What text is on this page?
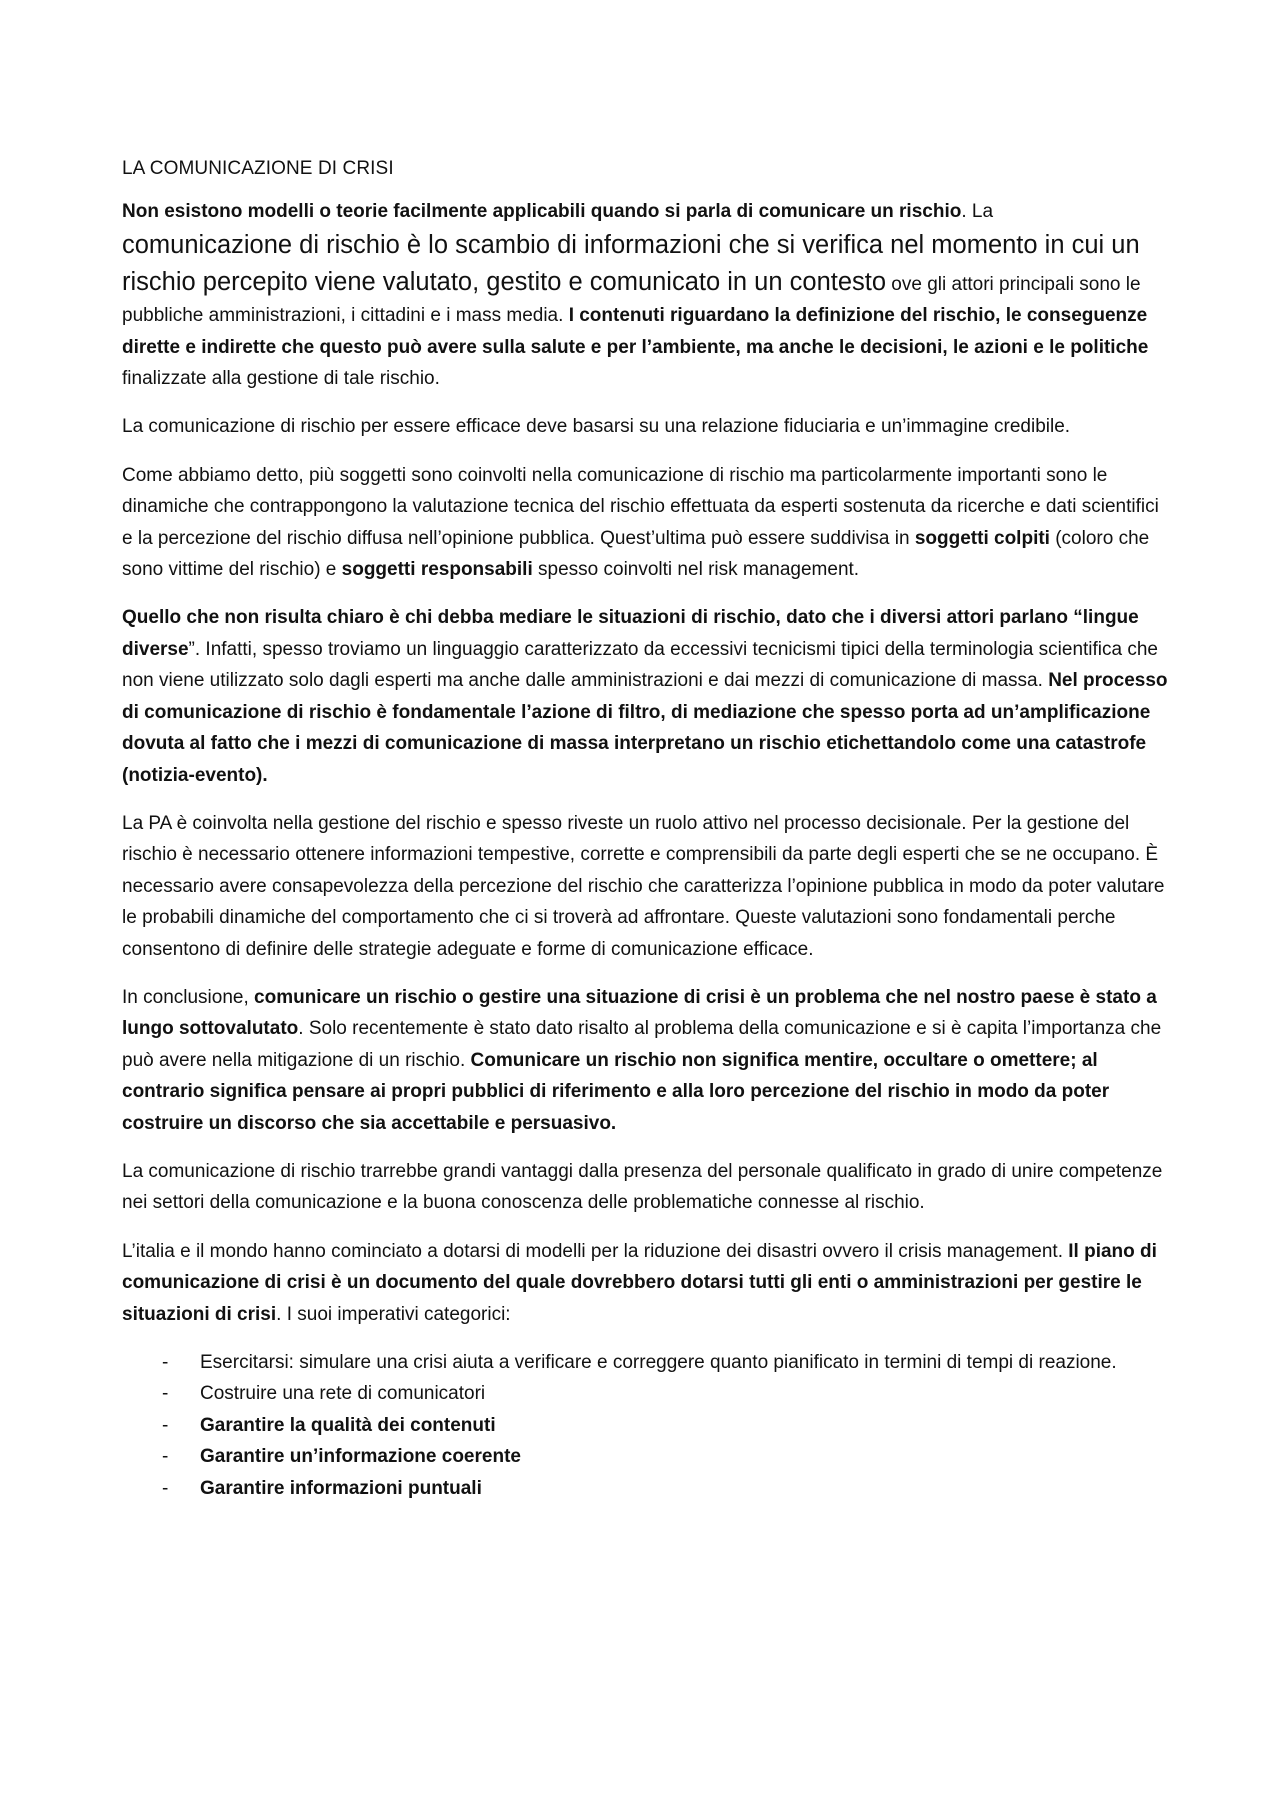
LA COMUNICAZIONE DI CRISI

Non esistono modelli o teorie facilmente applicabili quando si parla di comunicare un rischio. La comunicazione di rischio è lo scambio di informazioni che si verifica nel momento in cui un rischio percepito viene valutato, gestito e comunicato in un contesto ove gli attori principali sono le pubbliche amministrazioni, i cittadini e i mass media. I contenuti riguardano la definizione del rischio, le conseguenze dirette e indirette che questo può avere sulla salute e per l’ambiente, ma anche le decisioni, le azioni e le politiche finalizzate alla gestione di tale rischio.

La comunicazione di rischio per essere efficace deve basarsi su una relazione fiduciaria e un’immagine credibile.

Come abbiamo detto, più soggetti sono coinvolti nella comunicazione di rischio ma particolarmente importanti sono le dinamiche che contrappongono la valutazione tecnica del rischio effettuata da esperti sostenuta da ricerche e dati scientifici e la percezione del rischio diffusa nell’opinione pubblica. Quest’ultima può essere suddivisa in soggetti colpiti (coloro che sono vittime del rischio) e soggetti responsabili spesso coinvolti nel risk management.

Quello che non risulta chiaro è chi debba mediare le situazioni di rischio, dato che i diversi attori parlano “lingue diverse”. Infatti, spesso troviamo un linguaggio caratterizzato da eccessivi tecnicismi tipici della terminologia scientifica che non viene utilizzato solo dagli esperti ma anche dalle amministrazioni e dai mezzi di comunicazione di massa. Nel processo di comunicazione di rischio è fondamentale l’azione di filtro, di mediazione che spesso porta ad un’amplificazione dovuta al fatto che i mezzi di comunicazione di massa interpretano un rischio etichettandolo come una catastrofe (notizia-evento).

La PA è coinvolta nella gestione del rischio e spesso riveste un ruolo attivo nel processo decisionale. Per la gestione del rischio è necessario ottenere informazioni tempestive, corrette e comprensibili da parte degli esperti che se ne occupano. È necessario avere consapevolezza della percezione del rischio che caratterizza l’opinione pubblica in modo da poter valutare le probabili dinamiche del comportamento che ci si troverà ad affrontare. Queste valutazioni sono fondamentali perche consentono di definire delle strategie adeguate e forme di comunicazione efficace.

In conclusione, comunicare un rischio o gestire una situazione di crisi è un problema che nel nostro paese è stato a lungo sottovalutato. Solo recentemente è stato dato risalto al problema della comunicazione e si è capita l’importanza che può avere nella mitigazione di un rischio. Comunicare un rischio non significa mentire, occultare o omettere; al contrario significa pensare ai propri pubblici di riferimento e alla loro percezione del rischio in modo da poter costruire un discorso che sia accettabile e persuasivo.

La comunicazione di rischio trarrebbe grandi vantaggi dalla presenza del personale qualificato in grado di unire competenze nei settori della comunicazione e la buona conoscenza delle problematiche connesse al rischio.

L’italia e il mondo hanno cominciato a dotarsi di modelli per la riduzione dei disastri ovvero il crisis management. Il piano di comunicazione di crisi è un documento del quale dovrebbero dotarsi tutti gli enti o amministrazioni per gestire le situazioni di crisi. I suoi imperativi categorici:

- Esercitarsi: simulare una crisi aiuta a verificare e correggere quanto pianificato in termini di tempi di reazione.
- Costruire una rete di comunicatori
- Garantire la qualità dei contenuti
- Garantire un’informazione coerente
- Garantire informazioni puntuali
